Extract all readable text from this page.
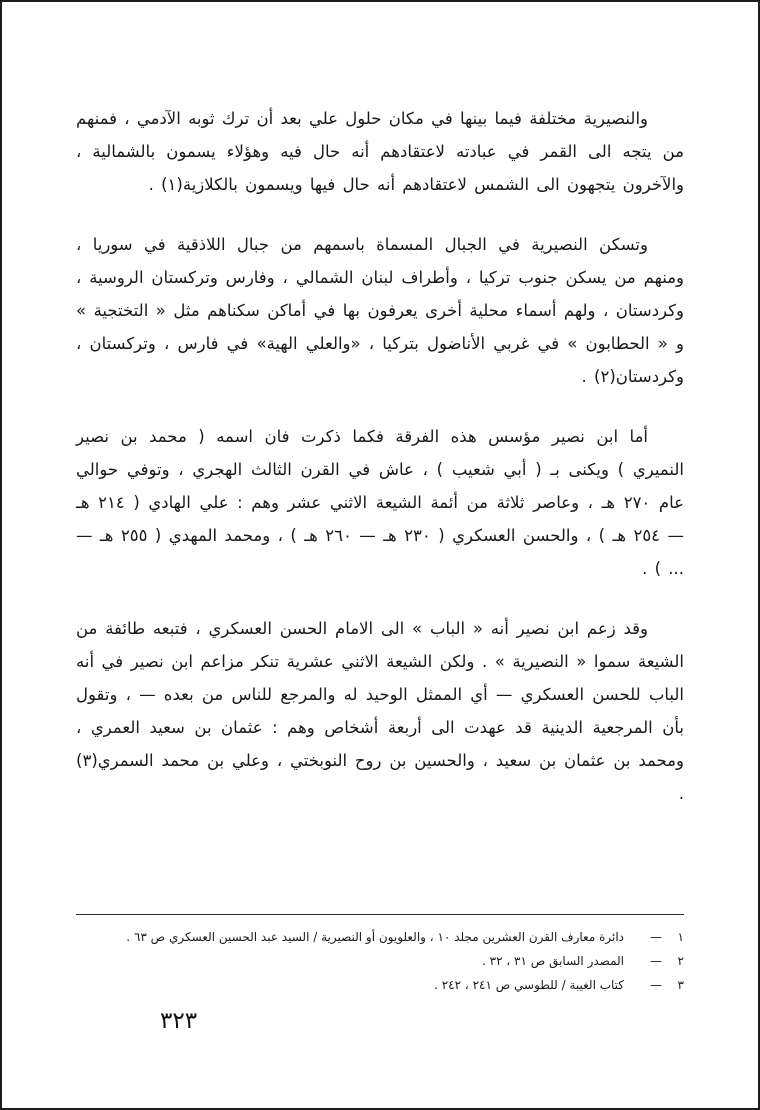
والنصيرية مختلفة فيما بينها في مكان حلول علي بعد أن ترك ثوبه الآدمي ، فمنهم من يتجه الى القمر في عبادته لاعتقادهم أنه حال فيه وهؤلاء يسمون بالشمالية ، والآخرون يتجهون الى الشمس لاعتقادهم أنه حال فيها ويسمون بالكلازية(١) .

وتسكن النصيرية في الجبال المسماة باسمهم من جبال اللاذقية في سوريا ، ومنهم من يسكن جنوب تركيا ، وأطراف لبنان الشمالي ، وفارس وتركستان الروسية ، وكردستان ، ولهم أسماء محلية أخرى يعرفون بها في أماكن سكناهم مثل « التختجية » و « الحطابون » في غربي الأناضول بتركيا ، «والعلي الهية» في فارس ، وتركستان ، وكردستان(٢) .

أما ابن نصير مؤسس هذه الفرقة فكما ذكرت فان اسمه ( محمد بن نصير النميري ) ويكنى بـ ( أبي شعيب ) ، عاش في القرن الثالث الهجري ، وتوفي حوالي عام ٢٧٠ هـ ، وعاصر ثلاثة من أئمة الشيعة الاثني عشر وهم : علي الهادي ( ٢١٤ هـ — ٢٥٤ هـ ) ، والحسن العسكري ( ٢٣٠ هـ — ٢٦٠ هـ ) ، ومحمد المهدي ( ٢٥٥ هـ — ... ) .

وقد زعم ابن نصير أنه « الباب » الى الامام الحسن العسكري ، فتبعه طائفة من الشيعة سموا « النصيرية » . ولكن الشيعة الاثني عشرية تنكر مزاعم ابن نصير في أنه الباب للحسن العسكري — أي الممثل الوحيد له والمرجع للناس من بعده — ، وتقول بأن المرجعية الدينية قد عهدت الى أربعة أشخاص وهم : عثمان بن سعيد العمري ، ومحمد بن عثمان بن سعيد ، والحسين بن روح النوبختي ، وعلي بن محمد السمري(٣) .

١
—
دائرة معارف القرن العشرين مجلد ١٠ ، والعلويون أو النصيرية / السيد عبد الحسين العسكري ص ٦٣ .
٢
—
المصدر السابق ص ٣١ ، ٣٢ .
٣
—
كتاب الغيبة / للطوسي ص ٢٤١ ، ٢٤٢ .
٣٢٣
